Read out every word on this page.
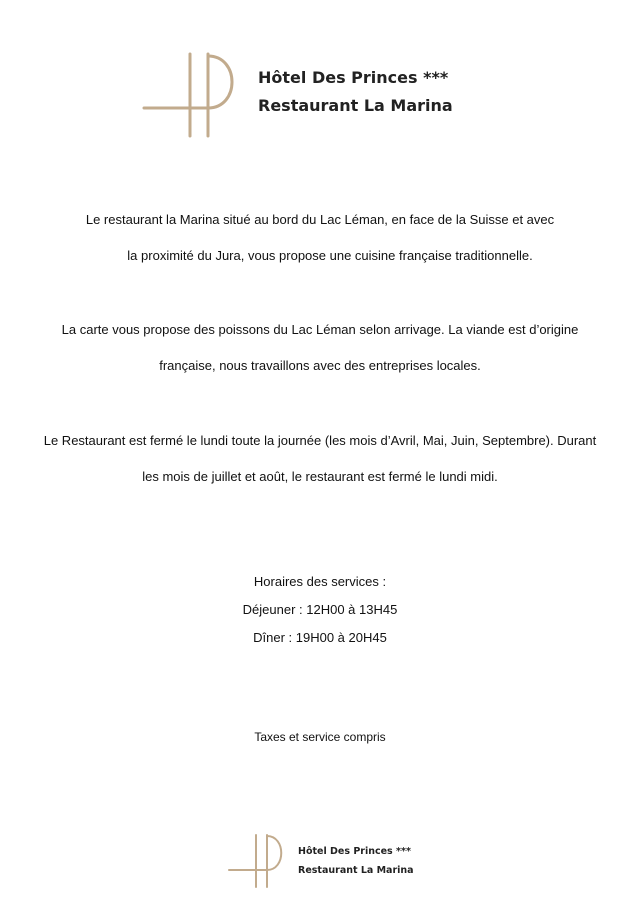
Hôtel Des Princes ***
Restaurant La Marina
Le restaurant la Marina situé au bord du Lac Léman, en face de la Suisse et avec
la proximité du Jura, vous propose une cuisine française traditionnelle.
La carte vous propose des poissons du Lac Léman selon arrivage. La viande est d’origine
française, nous travaillons avec des entreprises locales.
Le Restaurant est fermé le lundi toute la journée (les mois d’Avril, Mai, Juin, Septembre). Durant
les mois de juillet et août, le restaurant est fermé le lundi midi.
Horaires des services :
Déjeuner : 12H00 à 13H45
Dîner : 19H00 à 20H45
Taxes et service compris
Hôtel Des Princes ***
Restaurant La Marina
